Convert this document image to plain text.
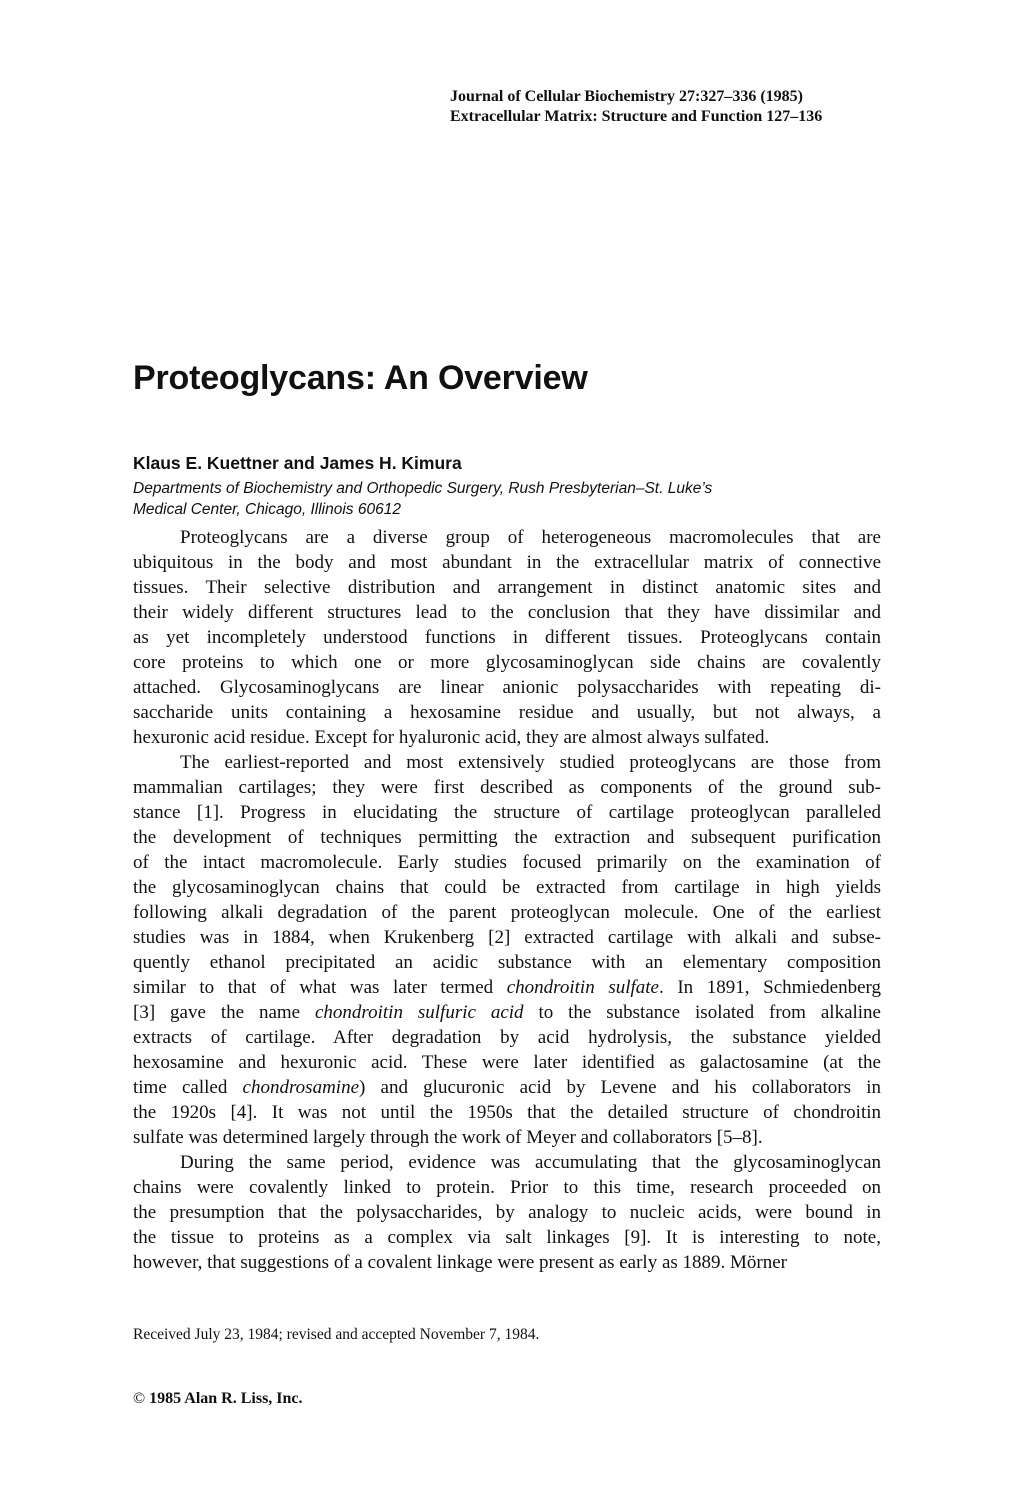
Journal of Cellular Biochemistry 27:327–336 (1985)
Extracellular Matrix: Structure and Function 127–136
Proteoglycans: An Overview
Klaus E. Kuettner and James H. Kimura
Departments of Biochemistry and Orthopedic Surgery, Rush Presbyterian–St. Luke’s
Medical Center, Chicago, Illinois 60612
Proteoglycans are a diverse group of heterogeneous macromolecules that are
ubiquitous in the body and most abundant in the extracellular matrix of connective
tissues. Their selective distribution and arrangement in distinct anatomic sites and
their widely different structures lead to the conclusion that they have dissimilar and
as yet incompletely understood functions in different tissues. Proteoglycans contain
core proteins to which one or more glycosaminoglycan side chains are covalently
attached. Glycosaminoglycans are linear anionic polysaccharides with repeating di-
saccharide units containing a hexosamine residue and usually, but not always, a
hexuronic acid residue. Except for hyaluronic acid, they are almost always sulfated.
The earliest-reported and most extensively studied proteoglycans are those from
mammalian cartilages; they were first described as components of the ground sub-
stance [1]. Progress in elucidating the structure of cartilage proteoglycan paralleled
the development of techniques permitting the extraction and subsequent purification
of the intact macromolecule. Early studies focused primarily on the examination of
the glycosaminoglycan chains that could be extracted from cartilage in high yields
following alkali degradation of the parent proteoglycan molecule. One of the earliest
studies was in 1884, when Krukenberg [2] extracted cartilage with alkali and subse-
quently ethanol precipitated an acidic substance with an elementary composition
similar to that of what was later termed chondroitin sulfate. In 1891, Schmiedenberg
[3] gave the name chondroitin sulfuric acid to the substance isolated from alkaline
extracts of cartilage. After degradation by acid hydrolysis, the substance yielded
hexosamine and hexuronic acid. These were later identified as galactosamine (at the
time called chondrosamine) and glucuronic acid by Levene and his collaborators in
the 1920s [4]. It was not until the 1950s that the detailed structure of chondroitin
sulfate was determined largely through the work of Meyer and collaborators [5–8].
During the same period, evidence was accumulating that the glycosaminoglycan
chains were covalently linked to protein. Prior to this time, research proceeded on
the presumption that the polysaccharides, by analogy to nucleic acids, were bound in
the tissue to proteins as a complex via salt linkages [9]. It is interesting to note,
however, that suggestions of a covalent linkage were present as early as 1889. Mörner
Received July 23, 1984; revised and accepted November 7, 1984.
© 1985 Alan R. Liss, Inc.
